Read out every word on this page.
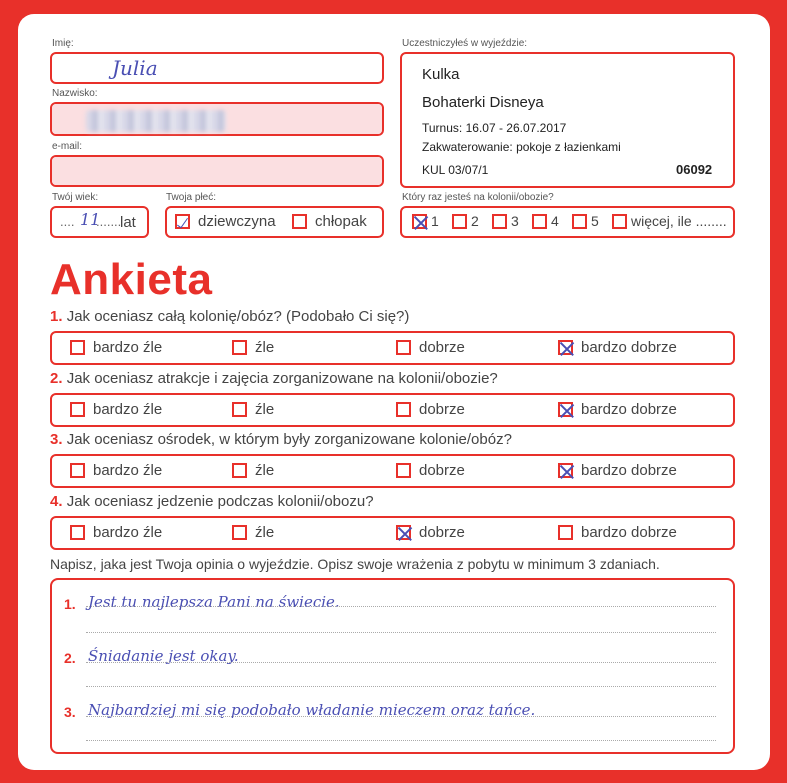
Imię:
Julia
Nazwisko:
e-mail:
Twój wiek:
.... 11
.......
lat
Twoja płeć:
dziewczyna	chłopak
Uczestniczyłeś w wyjeździe:
Kulka
Bohaterki Disneya
Turnus: 16.07 - 26.07.2017
Zakwaterowanie: pokoje z łazienkami
KUL 03/07/1	06092
Który raz jesteś na kolonii/obozie?
1 2 3 4 5 więcej, ile ........
Ankieta
1. Jak oceniasz całą kolonię/obóz? (Podobało Ci się?)
bardzo źle	źle	dobrze	bardzo dobrze
2. Jak oceniasz atrakcje i zajęcia zorganizowane na kolonii/obozie?
bardzo źle	źle	dobrze	bardzo dobrze
3. Jak oceniasz ośrodek, w którym były zorganizowane kolonie/obóz?
bardzo źle	źle	dobrze	bardzo dobrze
4. Jak oceniasz jedzenie podczas kolonii/obozu?
bardzo źle	źle	dobrze	bardzo dobrze
Napisz, jaka jest Twoja opinia o wyjeździe. Opisz swoje wrażenia z pobytu w minimum 3 zdaniach.
1. Jest tu najlepsza Pani na świecie.
2. Śniadanie jest okay.
3. Najbardziej mi się podobało władanie mieczem oraz tańce.
